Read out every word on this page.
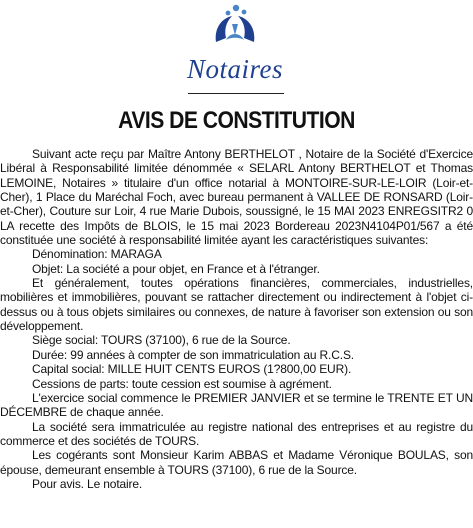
Notaires
AVIS DE CONSTITUTION

Suivant acte reçu par Maître Antony BERTHELOT , Notaire de la Société d'Exercice Libéral à Responsabilité limitée dénommée « SELARL Antony BERTHELOT et Thomas LEMOINE, Notaires » titulaire d'un office notarial à MONTOIRE-SUR-LE-LOIR (Loir-et-Cher), 1 Place du Maréchal Foch, avec bureau permanent à VALLEE DE RONSARD (Loir-et-Cher), Couture sur Loir, 4 rue Marie Dubois, soussigné, le 15 MAI 2023 ENREGSITR2 0 LA recette des Impôts de BLOIS, le 15 mai 2023 Bordereau 2023N4104P01/567 a été constituée une société à responsabilité limitée ayant les caractéristiques suivantes:

Dénomination: MARAGA

Objet: La société a pour objet, en France et à l'étranger.

Et généralement, toutes opérations financières, commerciales, industrielles, mobilières et immobilières, pouvant se rattacher directement ou indirectement à l'objet ci-dessus ou à tous objets similaires ou connexes, de nature à favoriser son extension ou son développement.

Siège social: TOURS (37100), 6 rue de la Source.

Durée: 99 années à compter de son immatriculation au R.C.S.

Capital social: MILLE HUIT CENTS EUROS (1?800,00 EUR).

Cessions de parts: toute cession est soumise à agrément.

L'exercice social commence le PREMIER JANVIER et se termine le TRENTE ET UN DÉCEMBRE de chaque année.

La société sera immatriculée au registre national des entreprises et au registre du commerce et des sociétés de TOURS.

Les cogérants sont Monsieur Karim ABBAS et Madame Véronique BOULAS, son épouse, demeurant ensemble à TOURS (37100), 6 rue de la Source.

Pour avis. Le notaire.
